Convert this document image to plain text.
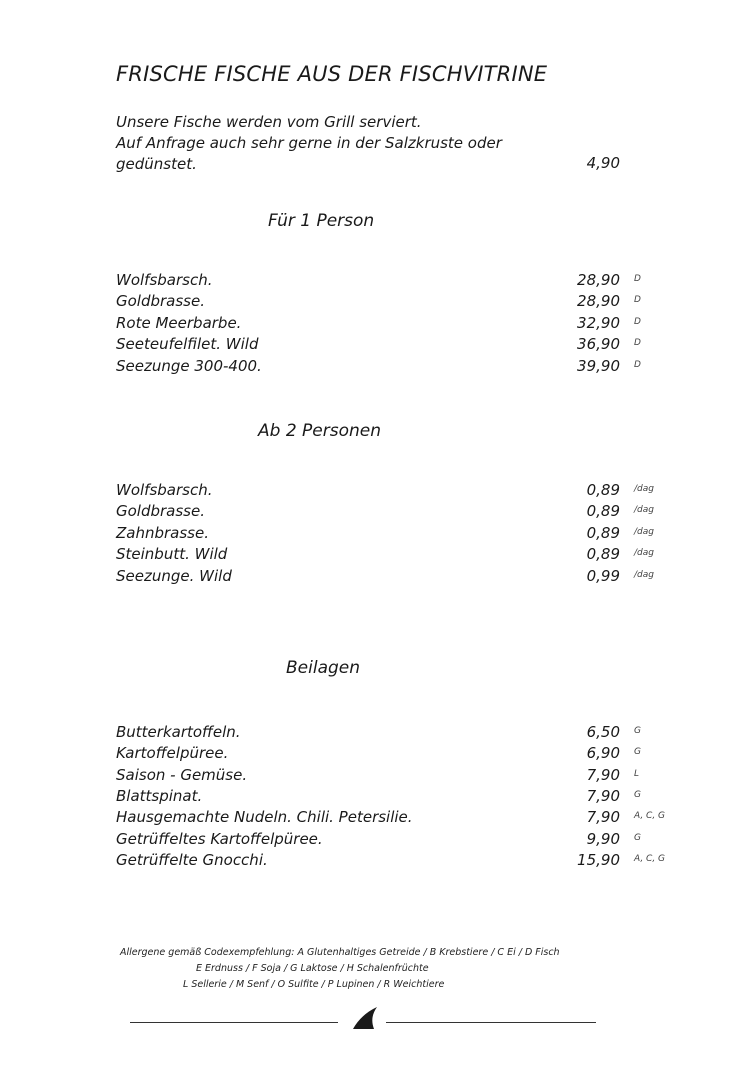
FRISCHE FISCHE AUS DER FISCHVITRINE
Unsere Fische werden vom Grill serviert.
Auf Anfrage auch sehr gerne in der Salzkruste oder
gedünstet.	4,90
Für 1 Person
Wolfsbarsch.	28,90 D
Goldbrasse.	28,90 D
Rote Meerbarbe.	32,90 D
Seeteufelfilet. Wild	36,90 D
Seezunge 300-400.	39,90 D
Ab 2 Personen
Wolfsbarsch.	0,89 /dag
Goldbrasse.	0,89 /dag
Zahnbrasse.	0,89 /dag
Steinbutt. Wild	0,89 /dag
Seezunge. Wild	0,99 /dag
Beilagen
Butterkartoffeln.	6,50 G
Kartoffelpüree.	6,90 G
Saison - Gemüse.	7,90 L
Blattspinat.	7,90 G
Hausgemachte Nudeln. Chili. Petersilie.	7,90 A, C, G
Getrüffeltes Kartoffelpüree.	9,90 G
Getrüffelte Gnocchi.	15,90 A, C, G
Allergene gemäß Codexempfehlung: A Glutenhaltiges Getreide / B Krebstiere / C Ei / D Fisch
E Erdnuss / F Soja / G Laktose / H Schalenfrüchte
L Sellerie / M Senf / O Sulfite / P Lupinen / R Weichtiere
